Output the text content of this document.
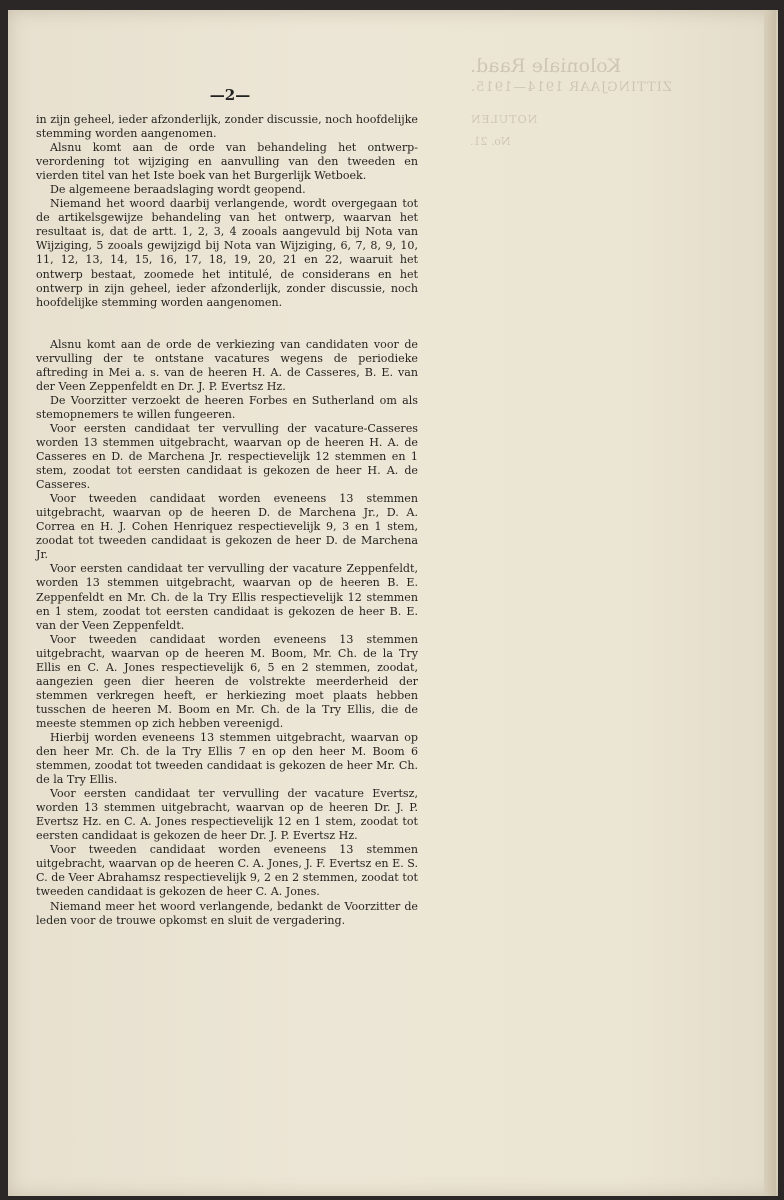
Koloniale Raad.
ZITTINGJAAR 1914—1915.
NOTULEN
No. 21.
—2—

in zijn geheel, ieder afzonderlijk, zonder discussie, noch hoofdelijke stemming worden aangenomen.

Alsnu komt aan de orde van behandeling het ontwerp-verordening tot wijziging en aanvulling van den tweeden en vierden titel van het Iste boek van het Burgerlijk Wetboek.

De algemeene beraadslaging wordt geopend.

Niemand het woord daarbij verlangende, wordt overgegaan tot de artikelsgewijze behandeling van het ontwerp, waarvan het resultaat is, dat de artt. 1, 2, 3, 4 zooals aangevuld bij Nota van Wijziging, 5 zooals gewijzigd bij Nota van Wijziging, 6, 7, 8, 9, 10, 11, 12, 13, 14, 15, 16, 17, 18, 19, 20, 21 en 22, waaruit het ontwerp bestaat, zoomede het intitulé, de considerans en het ontwerp in zijn geheel, ieder afzonderlijk, zonder discussie, noch hoofdelijke stemming worden aangenomen.

Alsnu komt aan de orde de verkiezing van candidaten voor de vervulling der te ontstane vacatures wegens de periodieke aftreding in Mei a. s. van de heeren H. A. de Casseres, B. E. van der Veen Zeppenfeldt en Dr. J. P. Evertsz Hz.

De Voorzitter verzoekt de heeren Forbes en Sutherland om als stemopnemers te willen fungeeren.

Voor eersten candidaat ter vervulling der vacature-Casseres worden 13 stemmen uitgebracht, waarvan op de heeren H. A. de Casseres en D. de Marchena Jr. respectievelijk 12 stemmen en 1 stem, zoodat tot eersten candidaat is gekozen de heer H. A. de Casseres.

Voor tweeden candidaat worden eveneens 13 stemmen uitgebracht, waarvan op de heeren D. de Marchena Jr., D. A. Correa en H. J. Cohen Henriquez respectievelijk 9, 3 en 1 stem, zoodat tot tweeden candidaat is gekozen de heer D. de Marchena Jr.

Voor eersten candidaat ter vervulling der vacature Zeppenfeldt, worden 13 stemmen uitgebracht, waarvan op de heeren B. E. Zeppenfeldt en Mr. Ch. de la Try Ellis respectievelijk 12 stemmen en 1 stem, zoodat tot eersten candidaat is gekozen de heer B. E. van der Veen Zeppenfeldt.

Voor tweeden candidaat worden eveneens 13 stemmen uitgebracht, waarvan op de heeren M. Boom, Mr. Ch. de la Try Ellis en C. A. Jones respectievelijk 6, 5 en 2 stemmen, zoodat, aangezien geen dier heeren de volstrekte meerderheid der stemmen verkregen heeft, er herkiezing moet plaats hebben tusschen de heeren M. Boom en Mr. Ch. de la Try Ellis, die de meeste stemmen op zich hebben vereenigd.

Hierbij worden eveneens 13 stemmen uitgebracht, waarvan op den heer Mr. Ch. de la Try Ellis 7 en op den heer M. Boom 6 stemmen, zoodat tot tweeden candidaat is gekozen de heer Mr. Ch. de la Try Ellis.

Voor eersten candidaat ter vervulling der vacature Evertsz, worden 13 stemmen uitgebracht, waarvan op de heeren Dr. J. P. Evertsz Hz. en C. A. Jones respectievelijk 12 en 1 stem, zoodat tot eersten candidaat is gekozen de heer Dr. J. P. Evertsz Hz.

Voor tweeden candidaat worden eveneens 13 stemmen uitgebracht, waarvan op de heeren C. A. Jones, J. F. Evertsz en E. S. C. de Veer Abrahamsz respectievelijk 9, 2 en 2 stemmen, zoodat tot tweeden candidaat is gekozen de heer C. A. Jones.

Niemand meer het woord verlangende, bedankt de Voorzitter de leden voor de trouwe opkomst en sluit de vergadering.
